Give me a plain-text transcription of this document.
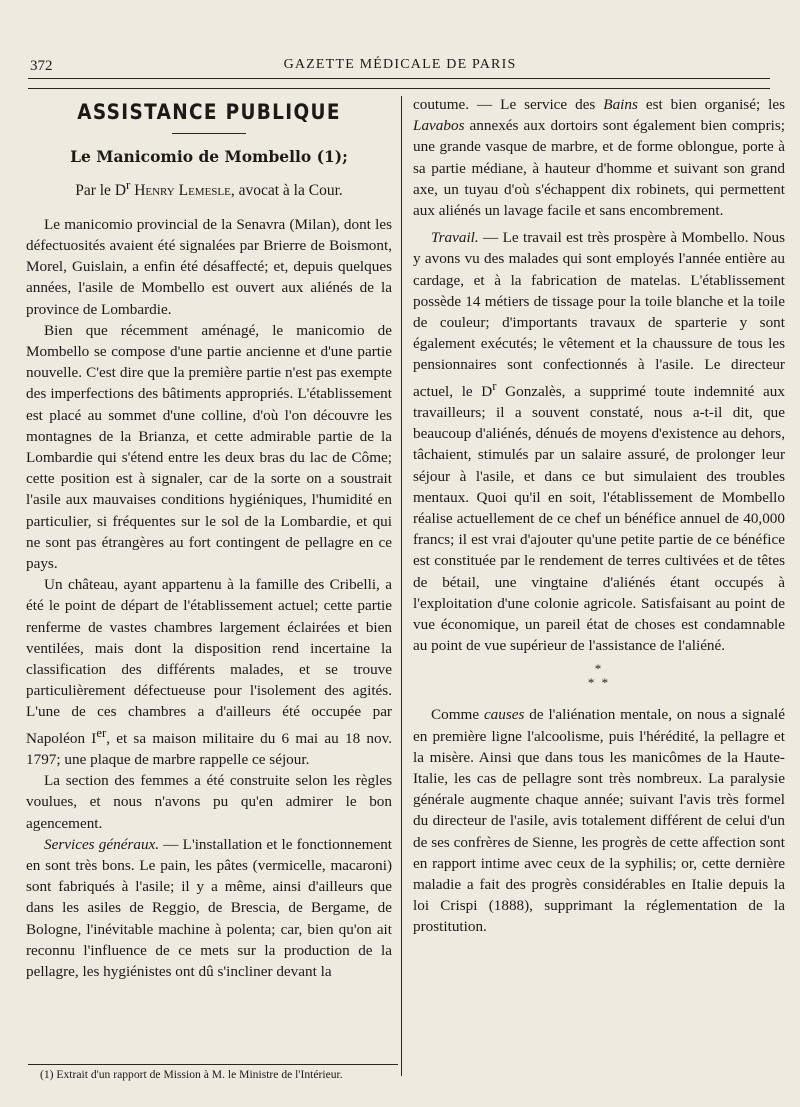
372	GAZETTE MÉDICALE DE PARIS
ASSISTANCE PUBLIQUE
Le Manicomio de Mombello (1);
Par le $D^r$ Henry Lemesle, avocat à la Cour.

Le manicomio provincial de la Senavra (Milan), dont les défectuosités avaient été signalées par Brierre de Boismont, Morel, Guislain, a enfin été désaffecté; et, depuis quelques années, l'asile de Mombello est ouvert aux aliénés de la province de Lombardie.

Bien que récemment aménagé, le manicomio de Mombello se compose d'une partie ancienne et d'une partie nouvelle. C'est dire que la première partie n'est pas exempte des imperfections des bâtiments appropriés. L'établissement est placé au sommet d'une colline, d'où l'on découvre les montagnes de la Brianza, et cette admirable partie de la Lombardie qui s'étend entre les deux bras du lac de Côme; cette position est à signaler, car de la sorte on a soustrait l'asile aux mauvaises conditions hygiéniques, l'humidité en particulier, si fréquentes sur le sol de la Lombardie, et qui ne sont pas étrangères au fort contingent de pellagre en ce pays.

Un château, ayant appartenu à la famille des Cribelli, a été le point de départ de l'établissement actuel; cette partie renferme de vastes chambres largement éclairées et bien ventilées, mais dont la disposition rend incertaine la classification des différents malades, et se trouve particulièrement défectueuse pour l'isolement des agités. L'une de ces chambres a d'ailleurs été occupée par Napoléon Ier, et sa maison militaire du 6 mai au 18 nov. 1797; une plaque de marbre rappelle ce séjour.

La section des femmes a été construite selon les règles voulues, et nous n'avons pu qu'en admirer le bon agencement.

Services généraux. — L'installation et le fonctionnement en sont très bons. Le pain, les pâtes (vermicelle, macaroni) sont fabriqués à l'asile; il y a même, ainsi d'ailleurs que dans les asiles de Reggio, de Brescia, de Bergame, de Bologne, l'inévitable machine à polenta; car, bien qu'on ait reconnu l'influence de ce mets sur la production de la pellagre, les hygiénistes ont dû s'incliner devant la

coutume. — Le service des Bains est bien organisé; les Lavabos annexés aux dortoirs sont également bien compris; une grande vasque de marbre, et de forme oblongue, porte à sa partie médiane, à hauteur d'homme et suivant son grand axe, un tuyau d'où s'échappent dix robinets, qui permettent aux aliénés un lavage facile et sans encombrement.

Travail. — Le travail est très prospère à Mombello. Nous y avons vu des malades qui sont employés l'année entière au cardage, et à la fabrication de matelas. L'établissement possède 14 métiers de tissage pour la toile blanche et la toile de couleur; d'importants travaux de sparterie y sont également exécutés; le vêtement et la chaussure de tous les pensionnaires sont confectionnés à l'asile. Le directeur actuel, le $D^r$ Gonzalès, a supprimé toute indemnité aux travailleurs; il a souvent constaté, nous a-t-il dit, que beaucoup d'aliénés, dénués de moyens d'existence au dehors, tâchaient, stimulés par un salaire assuré, de prolonger leur séjour à l'asile, et dans ce but simulaient des troubles mentaux. Quoi qu'il en soit, l'établissement de Mombello réalise actuellement de ce chef un bénéfice annuel de 40,000 francs; il est vrai d'ajouter qu'une petite partie de ce bénéfice est constituée par le rendement de terres cultivées et de têtes de bétail, une vingtaine d'aliénés étant occupés à l'exploitation d'une colonie agricole. Satisfaisant au point de vue économique, un pareil état de choses est condamnable au point de vue supérieur de l'assistance de l'aliéné.

*
* *

Comme causes de l'aliénation mentale, on nous a signalé en première ligne l'alcoolisme, puis l'hérédité, la pellagre et la misère. Ainsi que dans tous les manicômes de la Haute-Italie, les cas de pellagre sont très nombreux. La paralysie générale augmente chaque année; suivant l'avis très formel du directeur de l'asile, avis totalement différent de celui d'un de ses confrères de Sienne, les progrès de cette affection sont en rapport intime avec ceux de la syphilis; or, cette dernière maladie a fait des progrès considérables en Italie depuis la loi Crispi (1888), supprimant la réglementation de la prostitution.

(1) Extrait d'un rapport de Mission à M. le Ministre de l'Intérieur.
